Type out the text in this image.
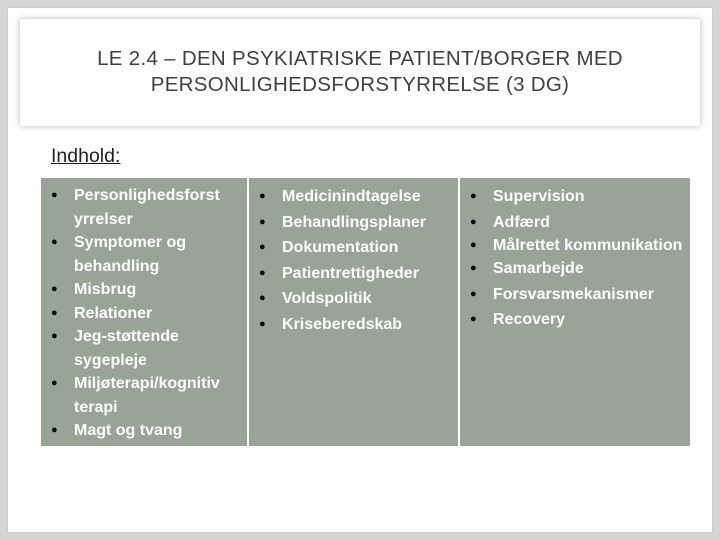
LE 2.4 – DEN PSYKIATRISKE PATIENT/BORGER MED
PERSONLIGHEDSFORSTYRRELSE (3 DG)
Indhold:
● Personlighedsforst yrrelser
● Symptomer og behandling
● Misbrug
● Relationer
● Jeg-støttende sygepleje
● Miljøterapi/kognitiv terapi
● Magt og tvang
● Medicinindtagelse
● Behandlingsplaner
● Dokumentation
● Patientrettigheder
● Voldspolitik
● Kriseberedskab
● Supervision
● Adfærd
● Målrettet kommunikation
● Samarbejde
● Forsvarsmekanismer
● Recovery
